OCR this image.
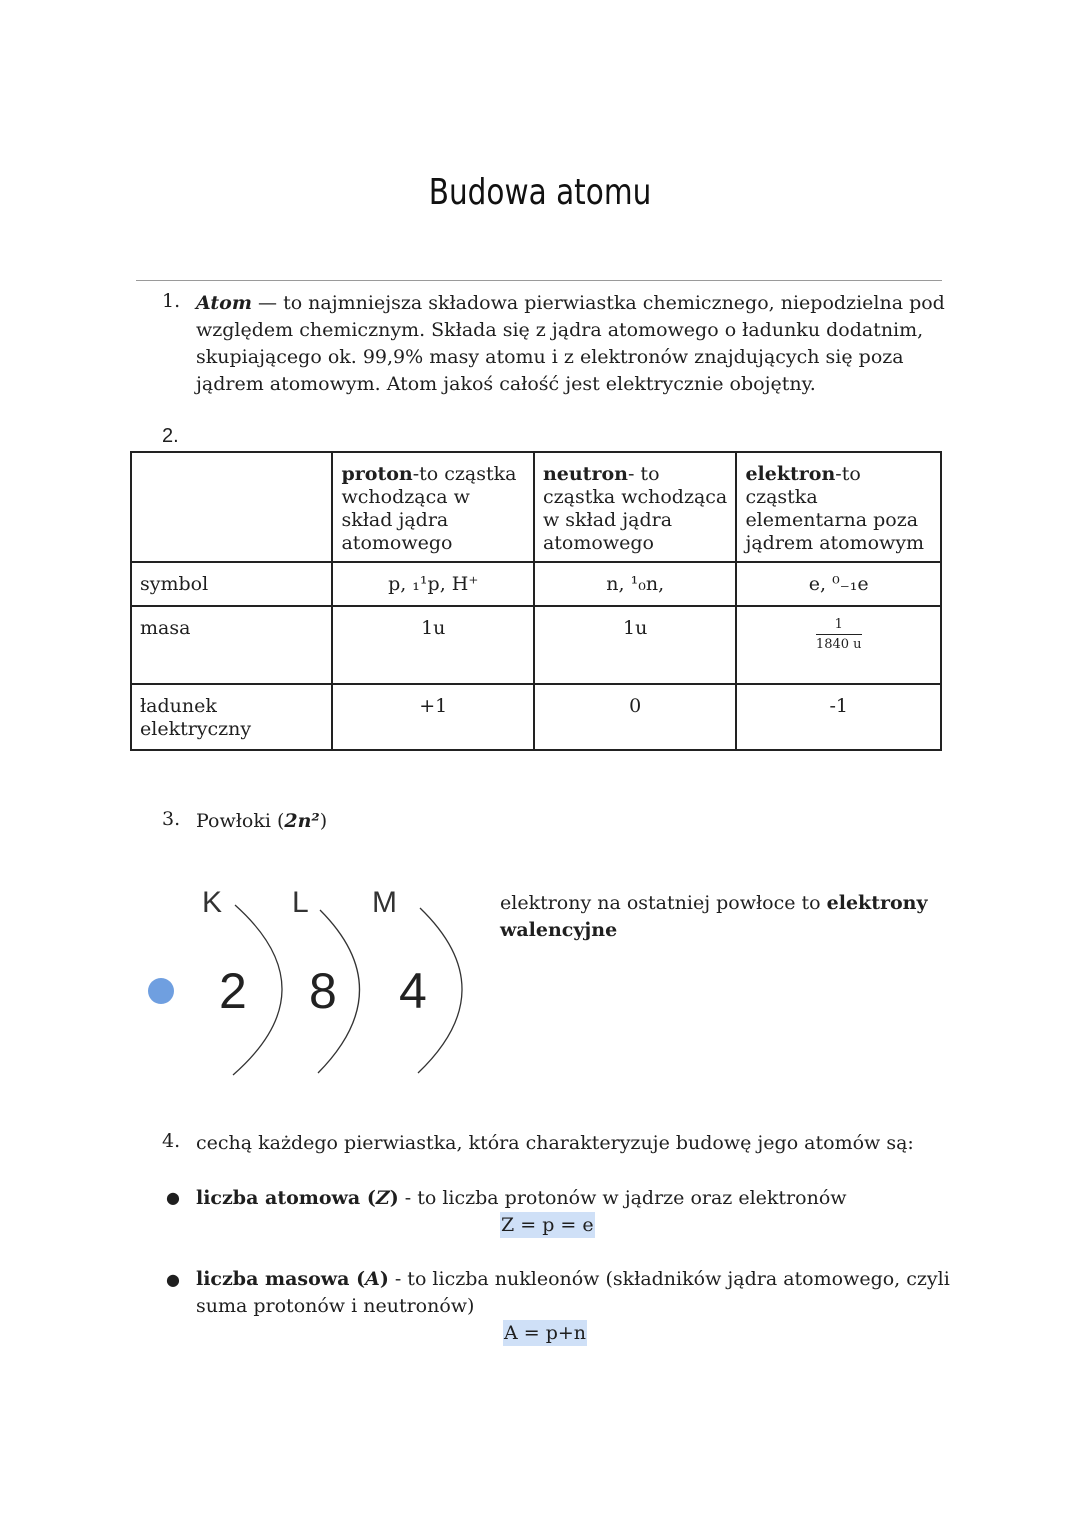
Budowa atomu
1. Atom — to najmniejsza składowa pierwiastka chemicznego, niepodzielna pod względem chemicznym. Składa się z jądra atomowego o ładunku dodatnim, skupiającego ok. 99,9% masy atomu i z elektronów znajdujących się poza jądrem atomowym. Atom jakoś całość jest elektrycznie obojętny.
2.
	proton-to cząstka wchodząca w skład jądra atomowego	neutron- to cząstka wchodząca w skład jądra atomowego	elektron-to cząstka elementarna poza jądrem atomowym
symbol	p, ₁¹p, H⁺	n, ¹₀n,	e, ⁰₋₁e
masa	1u	1u	$\frac{1}{1840 u}$

ładunek elektryczny	+1	0	-1
3. Powłoki (2n²)
K L M
2 8 4
elektrony na ostatniej powłoce to elektrony walencyjne
4. cechą każdego pierwiastka, która charakteryzuje budowę jego atomów są:
● liczba atomowa (Z) - to liczba protonów w jądrze oraz elektronów
Z = p = e
● liczba masowa (A) - to liczba nukleonów (składników jądra atomowego, czyli suma protonów i neutronów)
A = p+n
